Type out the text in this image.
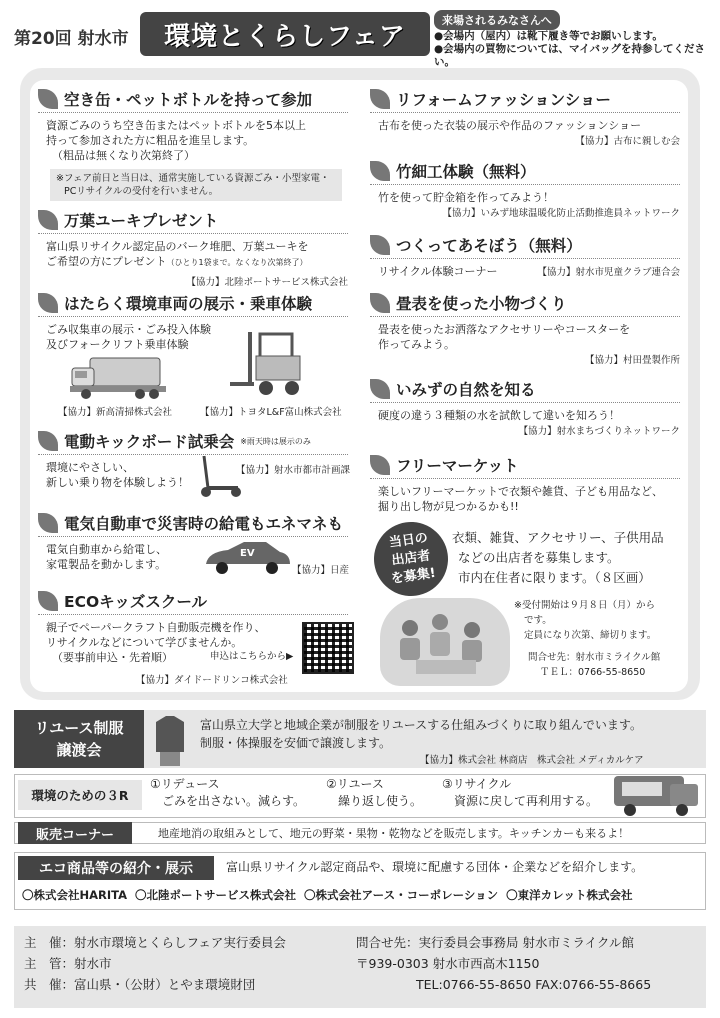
第20回 射水市	環境とくらしフェア
来場されるみなさんへ
●会場内（屋内）は靴下履き等でお願いします。
●会場内の買物については、マイバッグを持参してください。
空き缶・ペットボトルを持って参加
資源ごみのうち空き缶またはペットボトルを5本以上
持って参加された方に粗品を進呈します。
（粗品は無くなり次第終了）
※フェア前日と当日は、通常実施している資源ごみ・小型家電・
PCリサイクルの受付を行いません。
万葉ユーキプレゼント
富山県リサイクル認定品のバーク堆肥、万葉ユーキを
ご希望の方にプレゼント（ひとり1袋まで。なくなり次第終了）
【協力】北陸ポートサービス株式会社
はたらく環境車両の展示・乗車体験
ごみ収集車の展示・ごみ投入体験
及びフォークリフト乗車体験
【協力】新高清掃株式会社	【協力】トヨタL&F富山株式会社
電動キックボード試乗会 ※雨天時は展示のみ
環境にやさしい、
新しい乗り物を体験しよう！
【協力】射水市都市計画課
電気自動車で災害時の給電もエネマネも
電気自動車から給電し、
家電製品を動かします。
EV
【協力】日産
ECOキッズスクール
親子でペーパークラフト自動販売機を作り、
リサイクルなどについて学びませんか。
（要事前申込・先着順）	申込はこちらから▶
【協力】ダイドードリンコ株式会社
リフォームファッションショー
古布を使った衣装の展示や作品のファッションショー
【協力】古布に親しむ会
竹細工体験（無料）
竹を使って貯金箱を作ってみよう！
【協力】いみず地球温暖化防止活動推進員ネットワーク
つくってあそぼう（無料）
リサイクル体験コーナー	【協力】射水市児童クラブ連合会
畳表を使った小物づくり
畳表を使ったお洒落なアクセサリーやコースターを
作ってみよう。
【協力】村田畳製作所
いみずの自然を知る
硬度の違う３種類の水を試飲して違いを知ろう！
【協力】射水まちづくりネットワーク
フリーマーケット
楽しいフリーマーケットで衣類や雑貨、子ども用品など、
掘り出し物が見つかるかも!!
当日の
出店者
を募集!
衣類、雑貨、アクセサリー、子供用品
などの出店者を募集します。
市内在住者に限ります。（８区画）
※受付開始は９月８日（月）から
です。
定員になり次第、締切ります。
問合せ先：射水市ミライクル館
ＴＥＬ：0766-55-8650
リユース制服
譲渡会
富山県立大学と地域企業が制服をリユースする仕組みづくりに取り組んでいます。
制服・体操服を安価で譲渡します。
【協力】株式会社 林商店　株式会社 メディカルケア
環境のための３R
①リデュース
ごみを出さない。減らす。
②リユース
繰り返し使う。
③リサイクル
資源に戻して再利用する。
販売コーナー	地産地消の取組みとして、地元の野菜・果物・乾物などを販売します。キッチンカーも来るよ！
エコ商品等の紹介・展示	富山県リサイクル認定商品や、環境に配慮する団体・企業などを紹介します。
〇株式会社HARITA 〇北陸ポートサービス株式会社 〇株式会社アース・コーポレーション 〇東洋カレット株式会社
主　催：射水市環境とくらしフェア実行委員会
主　管：射水市
共　催：富山県・（公財）とやま環境財団
問合せ先：実行委員会事務局 射水市ミライクル館
〒939-0303 射水市西高木1150
TEL:0766-55-8650 FAX:0766-55-8665
